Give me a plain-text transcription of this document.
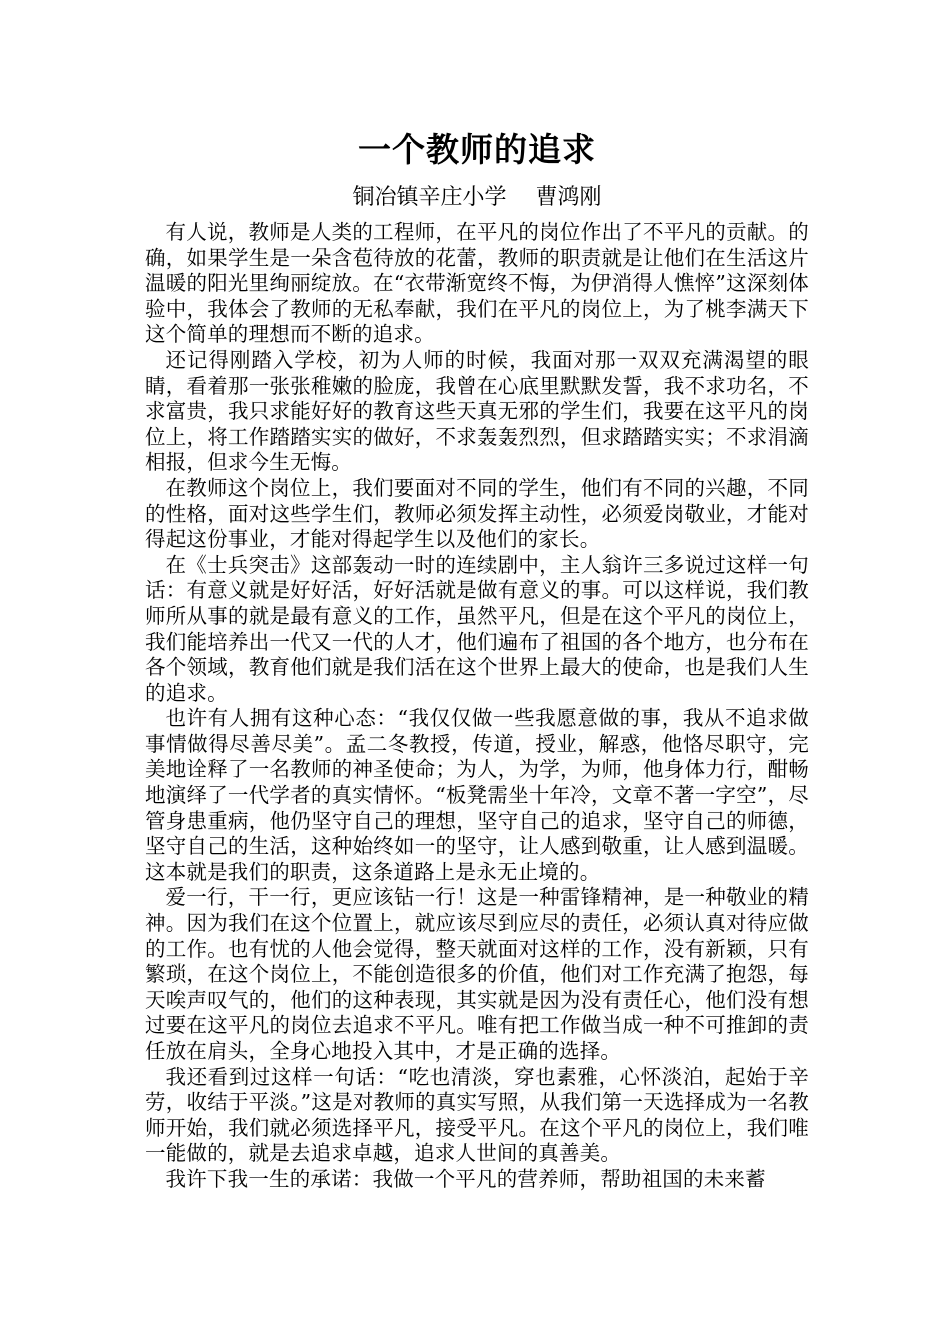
一个教师的追求
铜冶镇辛庄小学　 曹鸿刚

有人说，教师是人类的工程师，在平凡的岗位作出了不平凡的贡献。的确，如果学生是一朵含苞待放的花蕾，教师的职责就是让他们在生活这片温暖的阳光里绚丽绽放。在“衣带渐宽终不悔，为伊消得人憔悴”这深刻体验中，我体会了教师的无私奉献，我们在平凡的岗位上，为了桃李满天下这个简单的理想而不断的追求。

还记得刚踏入学校，初为人师的时候，我面对那一双双充满渴望的眼睛，看着那一张张稚嫩的脸庞，我曾在心底里默默发誓，我不求功名，不求富贵，我只求能好好的教育这些天真无邪的学生们，我要在这平凡的岗位上，将工作踏踏实实的做好，不求轰轰烈烈，但求踏踏实实；不求涓滴相报，但求今生无悔。

在教师这个岗位上，我们要面对不同的学生，他们有不同的兴趣，不同的性格，面对这些学生们，教师必须发挥主动性，必须爱岗敬业，才能对得起这份事业，才能对得起学生以及他们的家长。

在《士兵突击》这部轰动一时的连续剧中，主人翁许三多说过这样一句话：有意义就是好好活，好好活就是做有意义的事。可以这样说，我们教师所从事的就是最有意义的工作，虽然平凡，但是在这个平凡的岗位上，我们能培养出一代又一代的人才，他们遍布了祖国的各个地方，也分布在各个领域，教育他们就是我们活在这个世界上最大的使命，也是我们人生的追求。

也许有人拥有这种心态：“我仅仅做一些我愿意做的事，我从不追求做事情做得尽善尽美”。孟二冬教授，传道，授业，解惑，他恪尽职守，完美地诠释了一名教师的神圣使命；为人，为学，为师，他身体力行，酣畅地演绎了一代学者的真实情怀。“板凳需坐十年冷，文章不著一字空”，尽管身患重病，他仍坚守自己的理想，坚守自己的追求，坚守自己的师德，坚守自己的生活，这种始终如一的坚守，让人感到敬重，让人感到温暖。这本就是我们的职责，这条道路上是永无止境的。

爱一行，干一行，更应该钻一行！这是一种雷锋精神，是一种敬业的精神。因为我们在这个位置上，就应该尽到应尽的责任，必须认真对待应做的工作。也有忧的人他会觉得，整天就面对这样的工作，没有新颖，只有繁琐，在这个岗位上，不能创造很多的价值，他们对工作充满了抱怨，每天唉声叹气的，他们的这种表现，其实就是因为没有责任心，他们没有想过要在这平凡的岗位去追求不平凡。唯有把工作做当成一种不可推卸的责任放在肩头，全身心地投入其中，才是正确的选择。

我还看到过这样一句话：“吃也清淡，穿也素雅，心怀淡泊，起始于辛劳，收结于平淡。”这是对教师的真实写照，从我们第一天选择成为一名教师开始，我们就必须选择平凡，接受平凡。在这个平凡的岗位上，我们唯一能做的，就是去追求卓越，追求人世间的真善美。

我许下我一生的承诺：我做一个平凡的营养师，帮助祖国的未来蓄
